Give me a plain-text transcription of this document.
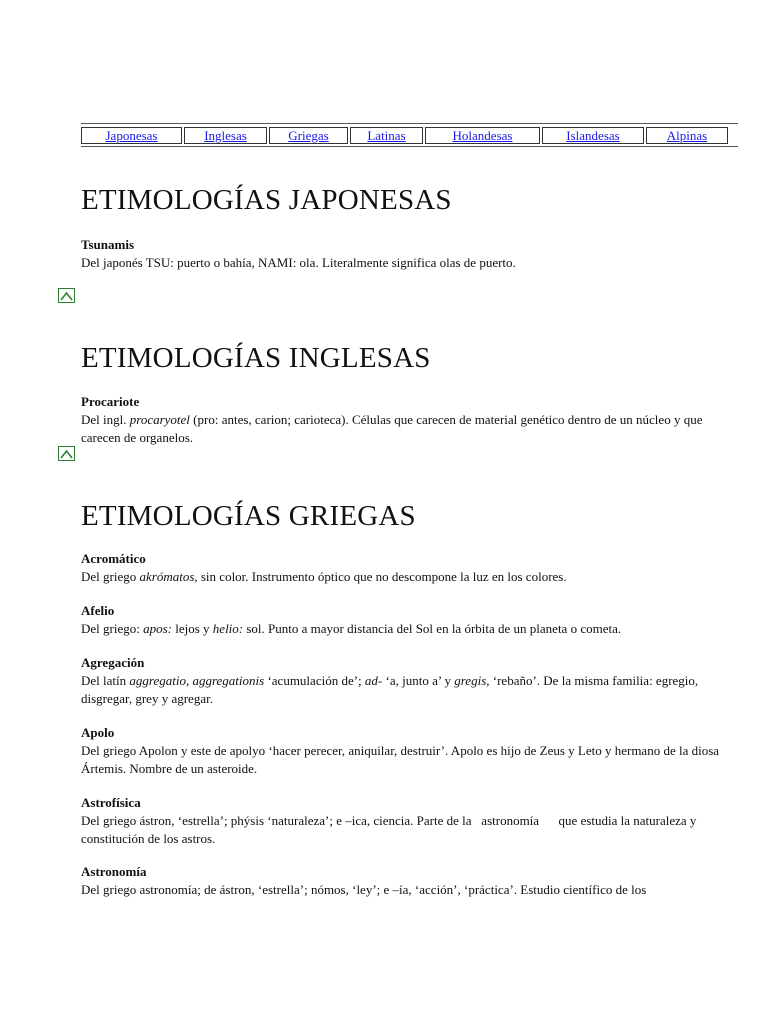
Japonesas	Inglesas	Griegas	Latinas	Holandesas	Islandesas	Alpinas
ETIMOLOGÍAS JAPONESAS
Tsunamis
Del japonés TSU: puerto o bahía, NAMI: ola. Literalmente significa olas de puerto.
ETIMOLOGÍAS INGLESAS
Procariote
Del ingl. procaryotel (pro: antes, carion; carioteca). Células que carecen de material genético dentro de un núcleo y que carecen de organelos.
ETIMOLOGÍAS GRIEGAS
Acromático
Del griego akrómatos, sin color. Instrumento óptico que no descompone la luz en los colores.
Afelio
Del griego: apos: lejos y helio: sol. Punto a mayor distancia del Sol en la órbita de un planeta o cometa.
Agregación
Del latín aggregatio, aggregationis ‘acumulación de’; ad- ‘a, junto a’ y gregis, ‘rebaño’. De la misma familia: egregio, disgregar, grey y agregar.
Apolo
Del griego Apolon y este de apolyo ‘hacer perecer, aniquilar, destruir’. Apolo es hijo de Zeus y Leto y hermano de la diosa Ártemis. Nombre de un asteroide.
Astrofísica
Del griego ástron, ‘estrella’; phýsis ‘naturaleza’; e –ica, ciencia. Parte de la   astronomía      que estudia la naturaleza y constitución de los astros.
Astronomía
Del griego astronomía; de ástron, ‘estrella’; nómos, ‘ley’; e –ía, ‘acción’, ‘práctica’. Estudio científico de los
